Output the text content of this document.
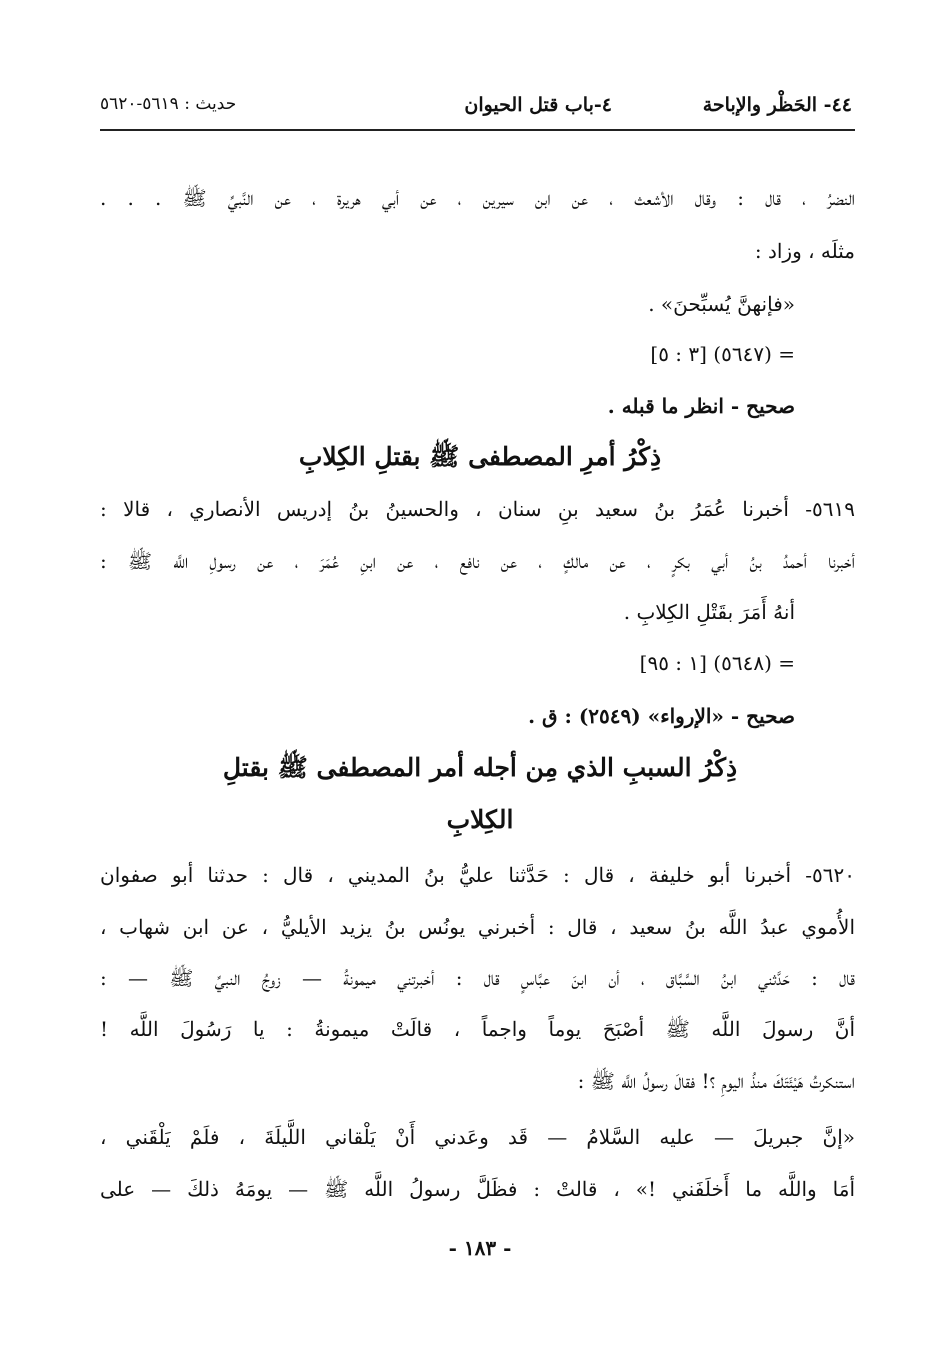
٤٤- الحَظْر والإباحة
٤-باب قتل الحيوان
حديث : ٥٦١٩-٥٦٢٠
النضرُ ، قال : وقال الأشعث ، عن ابن سيرين ، عن أبي هريرة ، عن النَّبيِّ ﷺ . . .
مثلَه ، وزاد :
«فإنهنَّ يُسبِّحنَ» .
= (٥٦٤٧) [٣ : ٥]
صحيح - انظر ما قبله .
ذِكْرُ أمرِ المصطفى ﷺ بقتلِ الكِلابِ
٥٦١٩- أخبرنا عُمَرُ بنُ سعيد بنِ سنان ، والحسينُ بنُ إدريس الأنصاري ، قالا :
أخبرنا أحمدُ بنُ أبي بكرٍ ، عن مالكٍ ، عن نافع ، عن ابنِ عُمَرَ ، عن رسولِ اللَّه ﷺ :
أنهُ أَمَرَ بقَتْلِ الكِلابِ .
= (٥٦٤٨) [١ : ٩٥]
صحيح - «الإرواء» (٢٥٤٩) : ق .
ذِكْرُ السببِ الذي مِن أجله أمر المصطفى ﷺ بقتلِ
الكِلابِ
٥٦٢٠- أخبرنا أبو خليفة ، قال : حَدَّثنا عليُّ بنُ المديني ، قال : حدثنا أبو صفوان
الأُموي عبدُ اللَّه بنُ سعيد ، قال : أخبرني يونُس بنُ يزيد الأيليُّ ، عن ابن شهاب ،
قال : حَدَّثني ابنُ السَّبَّاق ، أن ابنَ عبَّاسٍ قال : أخبرتني ميمونةُ — زوجُ النبيِّ ﷺ — :
أنَّ رسولَ اللَّه ﷺ أصْبَحَ يوماً واجماً ، قالَتْ ميمونةُ : يا رَسُولَ اللَّه !
استنكرتُ هَيْئَتَكَ منذُ اليومِ ؟! فقالَ رسولُ اللَّه ﷺ :
«إنَّ جبريلَ — عليه السَّلامُ — قَد وعَدني أَنْ يَلْقاني اللَّيلَةَ ، فلَمْ يَلْقَني ،
أمَا واللَّه ما أَخلَفَني !» ، قالتْ : فظَلَّ رسولُ اللَّه ﷺ — يومَهُ ذلكَ — على
- ١٨٣ -
